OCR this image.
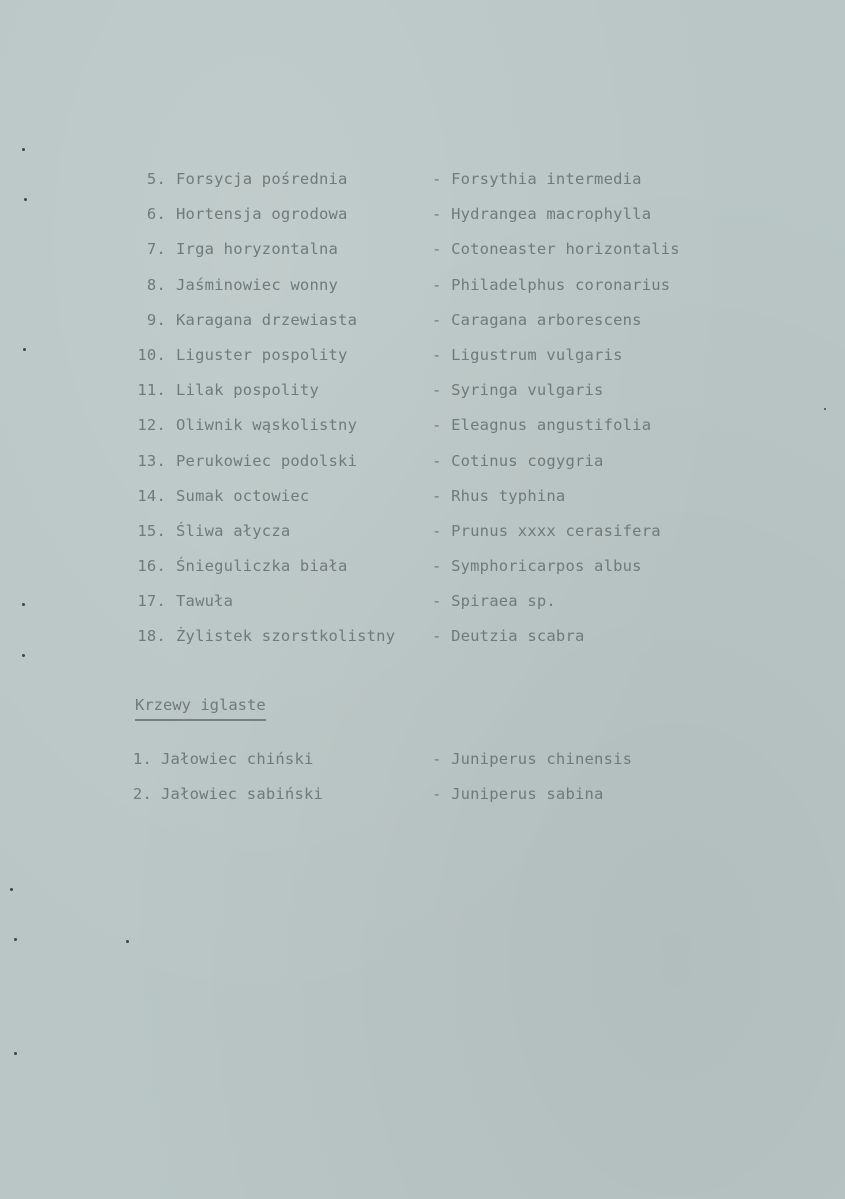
5. Forsycja pośrednia	- Forsythia intermedia
6. Hortensja ogrodowa	- Hydrangea macrophylla
7. Irga horyzontalna	- Cotoneaster horizontalis
8. Jaśminowiec wonny	- Philadelphus coronarius
9. Karagana drzewiasta	- Caragana arborescens
10. Liguster pospolity	- Ligustrum vulgaris
11. Lilak pospolity	- Syringa vulgaris
12. Oliwnik wąskolistny	- Eleagnus angustifolia
13. Perukowiec podolski	- Cotinus cogygria
14. Sumak octowiec	- Rhus typhina
15. Śliwa ałycza	- Prunus xxxx cerasifera
16. Śnieguliczka biała	- Symphoricarpos albus
17. Tawuła	- Spiraea sp.
18. Żylistek szorstkolistny - Deutzia scabra
Krzewy iglaste
1. Jałowiec chiński	- Juniperus chinensis
2. Jałowiec sabiński	- Juniperus sabina
